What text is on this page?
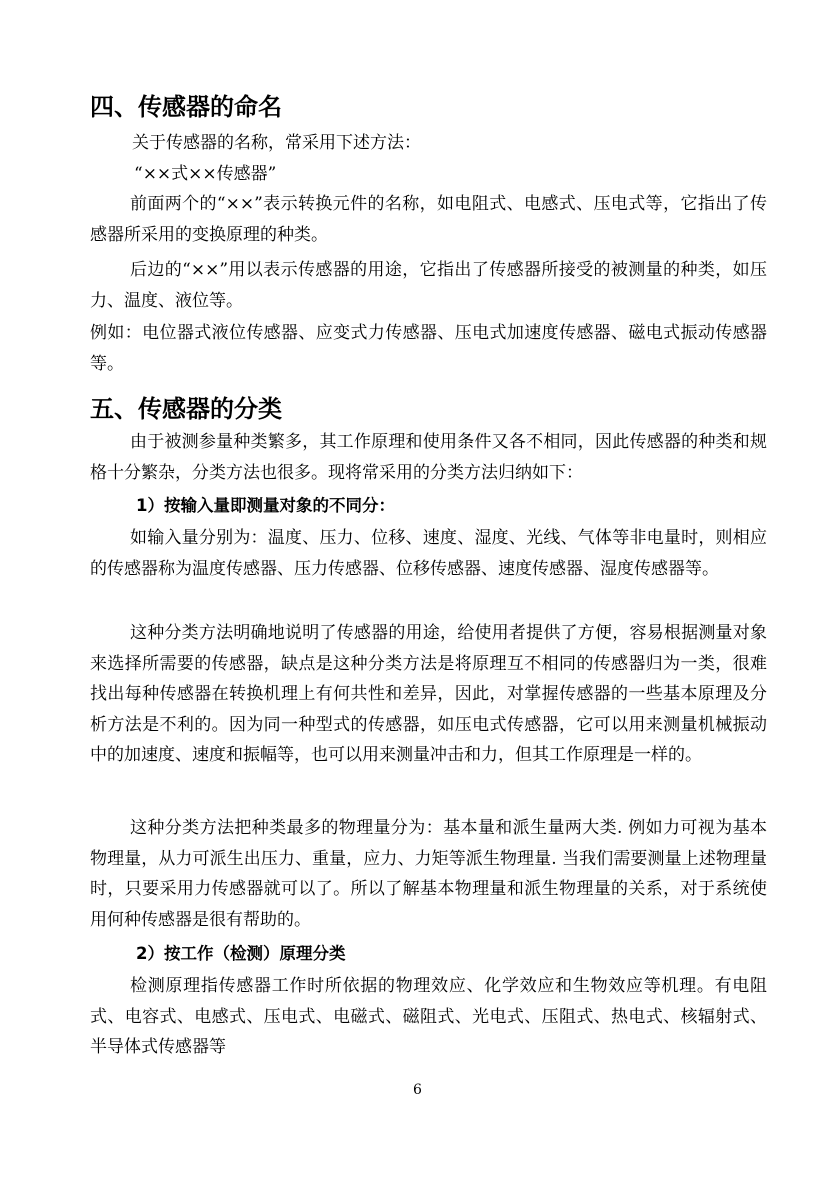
四、传感器的命名
关于传感器的名称，常采用下述方法：
“××式××传感器”
前面两个的“××”表示转换元件的名称，如电阻式、电感式、压电式等，它指出了传感器所采用的变换原理的种类。
后边的“××”用以表示传感器的用途，它指出了传感器所接受的被测量的种类，如压力、温度、液位等。
例如：电位器式液位传感器、应变式力传感器、压电式加速度传感器、磁电式振动传感器等。
五、传感器的分类
由于被测参量种类繁多，其工作原理和使用条件又各不相同，因此传感器的种类和规格十分繁杂，分类方法也很多。现将常采用的分类方法归纳如下：
1）按输入量即测量对象的不同分：
如输入量分别为：温度、压力、位移、速度、湿度、光线、气体等非电量时，则相应的传感器称为温度传感器、压力传感器、位移传感器、速度传感器、湿度传感器等。
这种分类方法明确地说明了传感器的用途，给使用者提供了方便，容易根据测量对象来选择所需要的传感器，缺点是这种分类方法是将原理互不相同的传感器归为一类，很难找出每种传感器在转换机理上有何共性和差异，因此，对掌握传感器的一些基本原理及分析方法是不利的。因为同一种型式的传感器，如压电式传感器，它可以用来测量机械振动中的加速度、速度和振幅等，也可以用来测量冲击和力，但其工作原理是一样的。
这种分类方法把种类最多的物理量分为：基本量和派生量两大类. 例如力可视为基本物理量，从力可派生出压力、重量，应力、力矩等派生物理量. 当我们需要测量上述物理量时，只要采用力传感器就可以了。所以了解基本物理量和派生物理量的关系，对于系统使用何种传感器是很有帮助的。
2）按工作（检测）原理分类
检测原理指传感器工作时所依据的物理效应、化学效应和生物效应等机理。有电阻式、电容式、电感式、压电式、电磁式、磁阻式、光电式、压阻式、热电式、核辐射式、半导体式传感器等
6
